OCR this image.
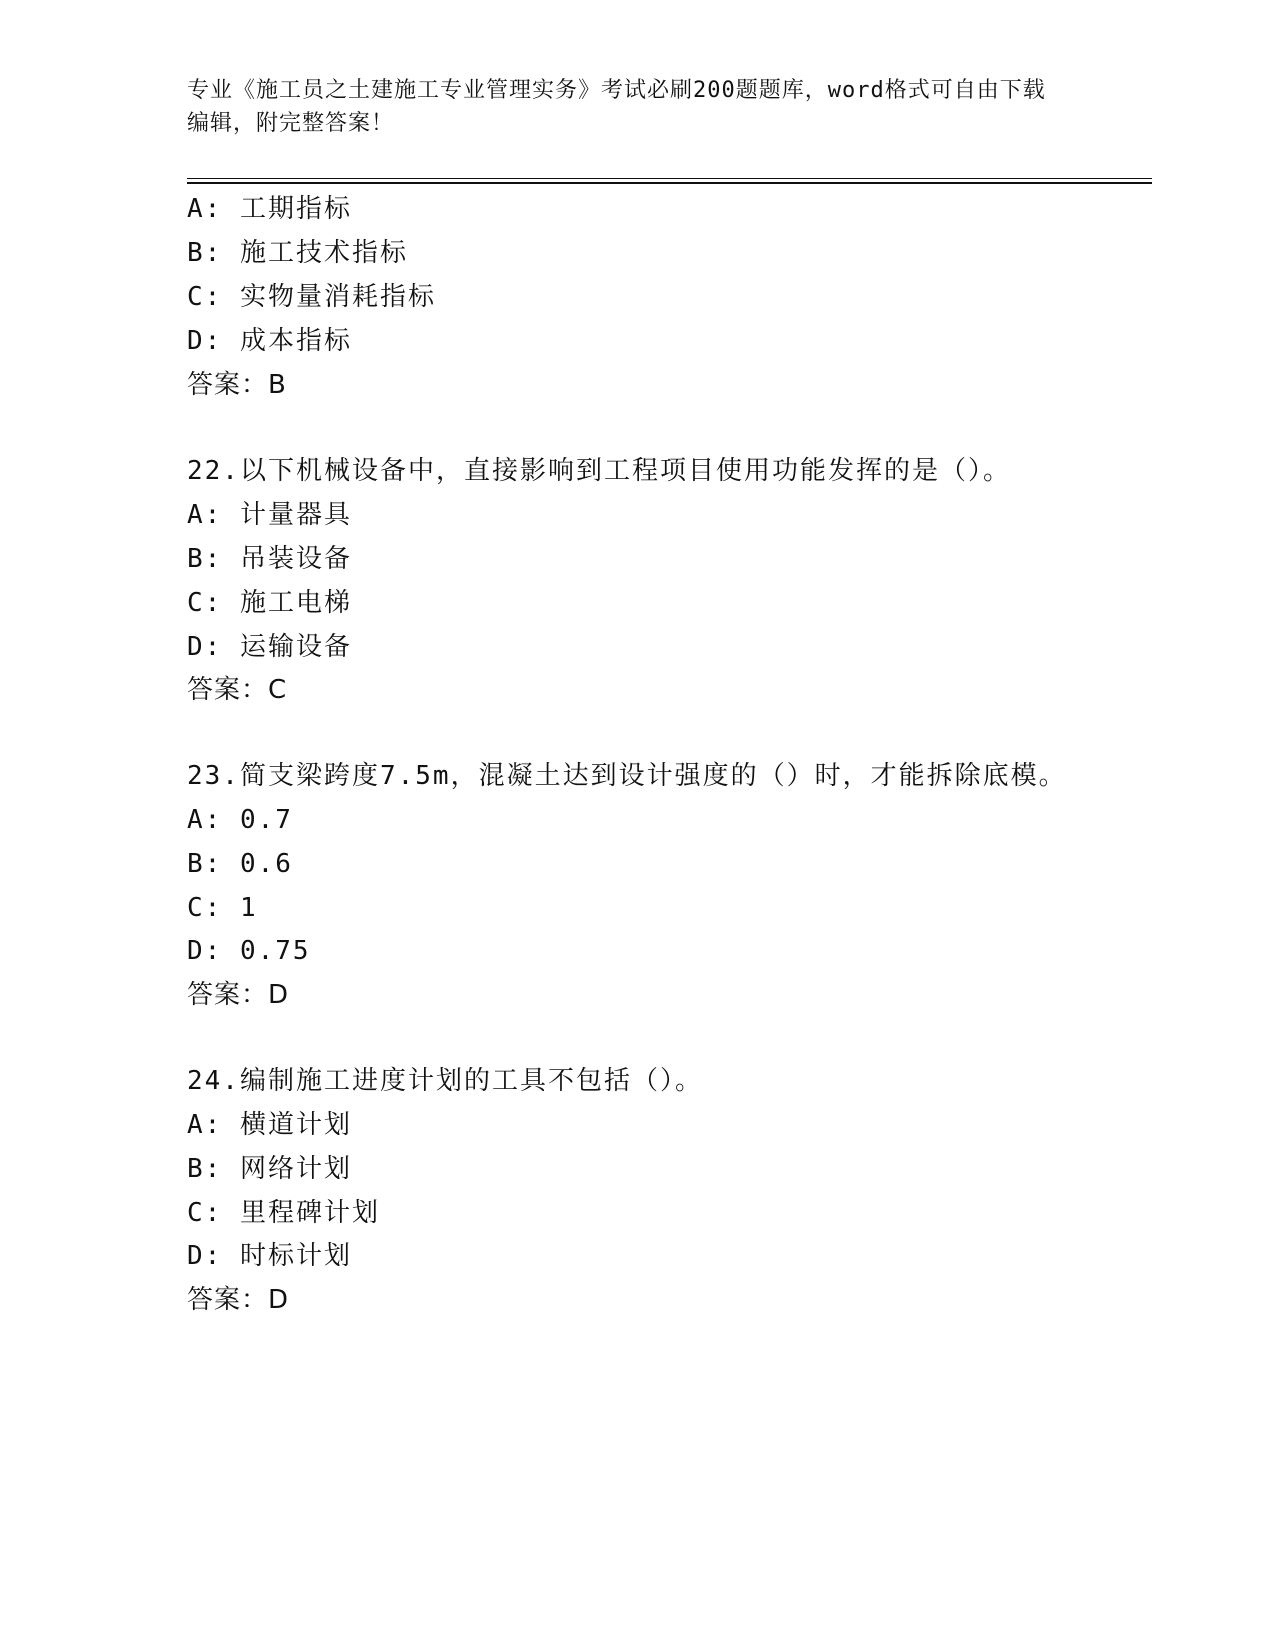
专业《施工员之土建施工专业管理实务》考试必刷200题题库，word格式可自由下载编辑，附完整答案！
A: 工期指标
B: 施工技术指标
C: 实物量消耗指标
D: 成本指标
答案：B
22.以下机械设备中，直接影响到工程项目使用功能发挥的是（）。
A: 计量器具
B: 吊装设备
C: 施工电梯
D: 运输设备
答案：C
23.简支梁跨度7.5m，混凝土达到设计强度的（）时，才能拆除底模。
A: 0.7
B: 0.6
C: 1
D: 0.75
答案：D
24.编制施工进度计划的工具不包括（）。
A: 横道计划
B: 网络计划
C: 里程碑计划
D: 时标计划
答案：D
